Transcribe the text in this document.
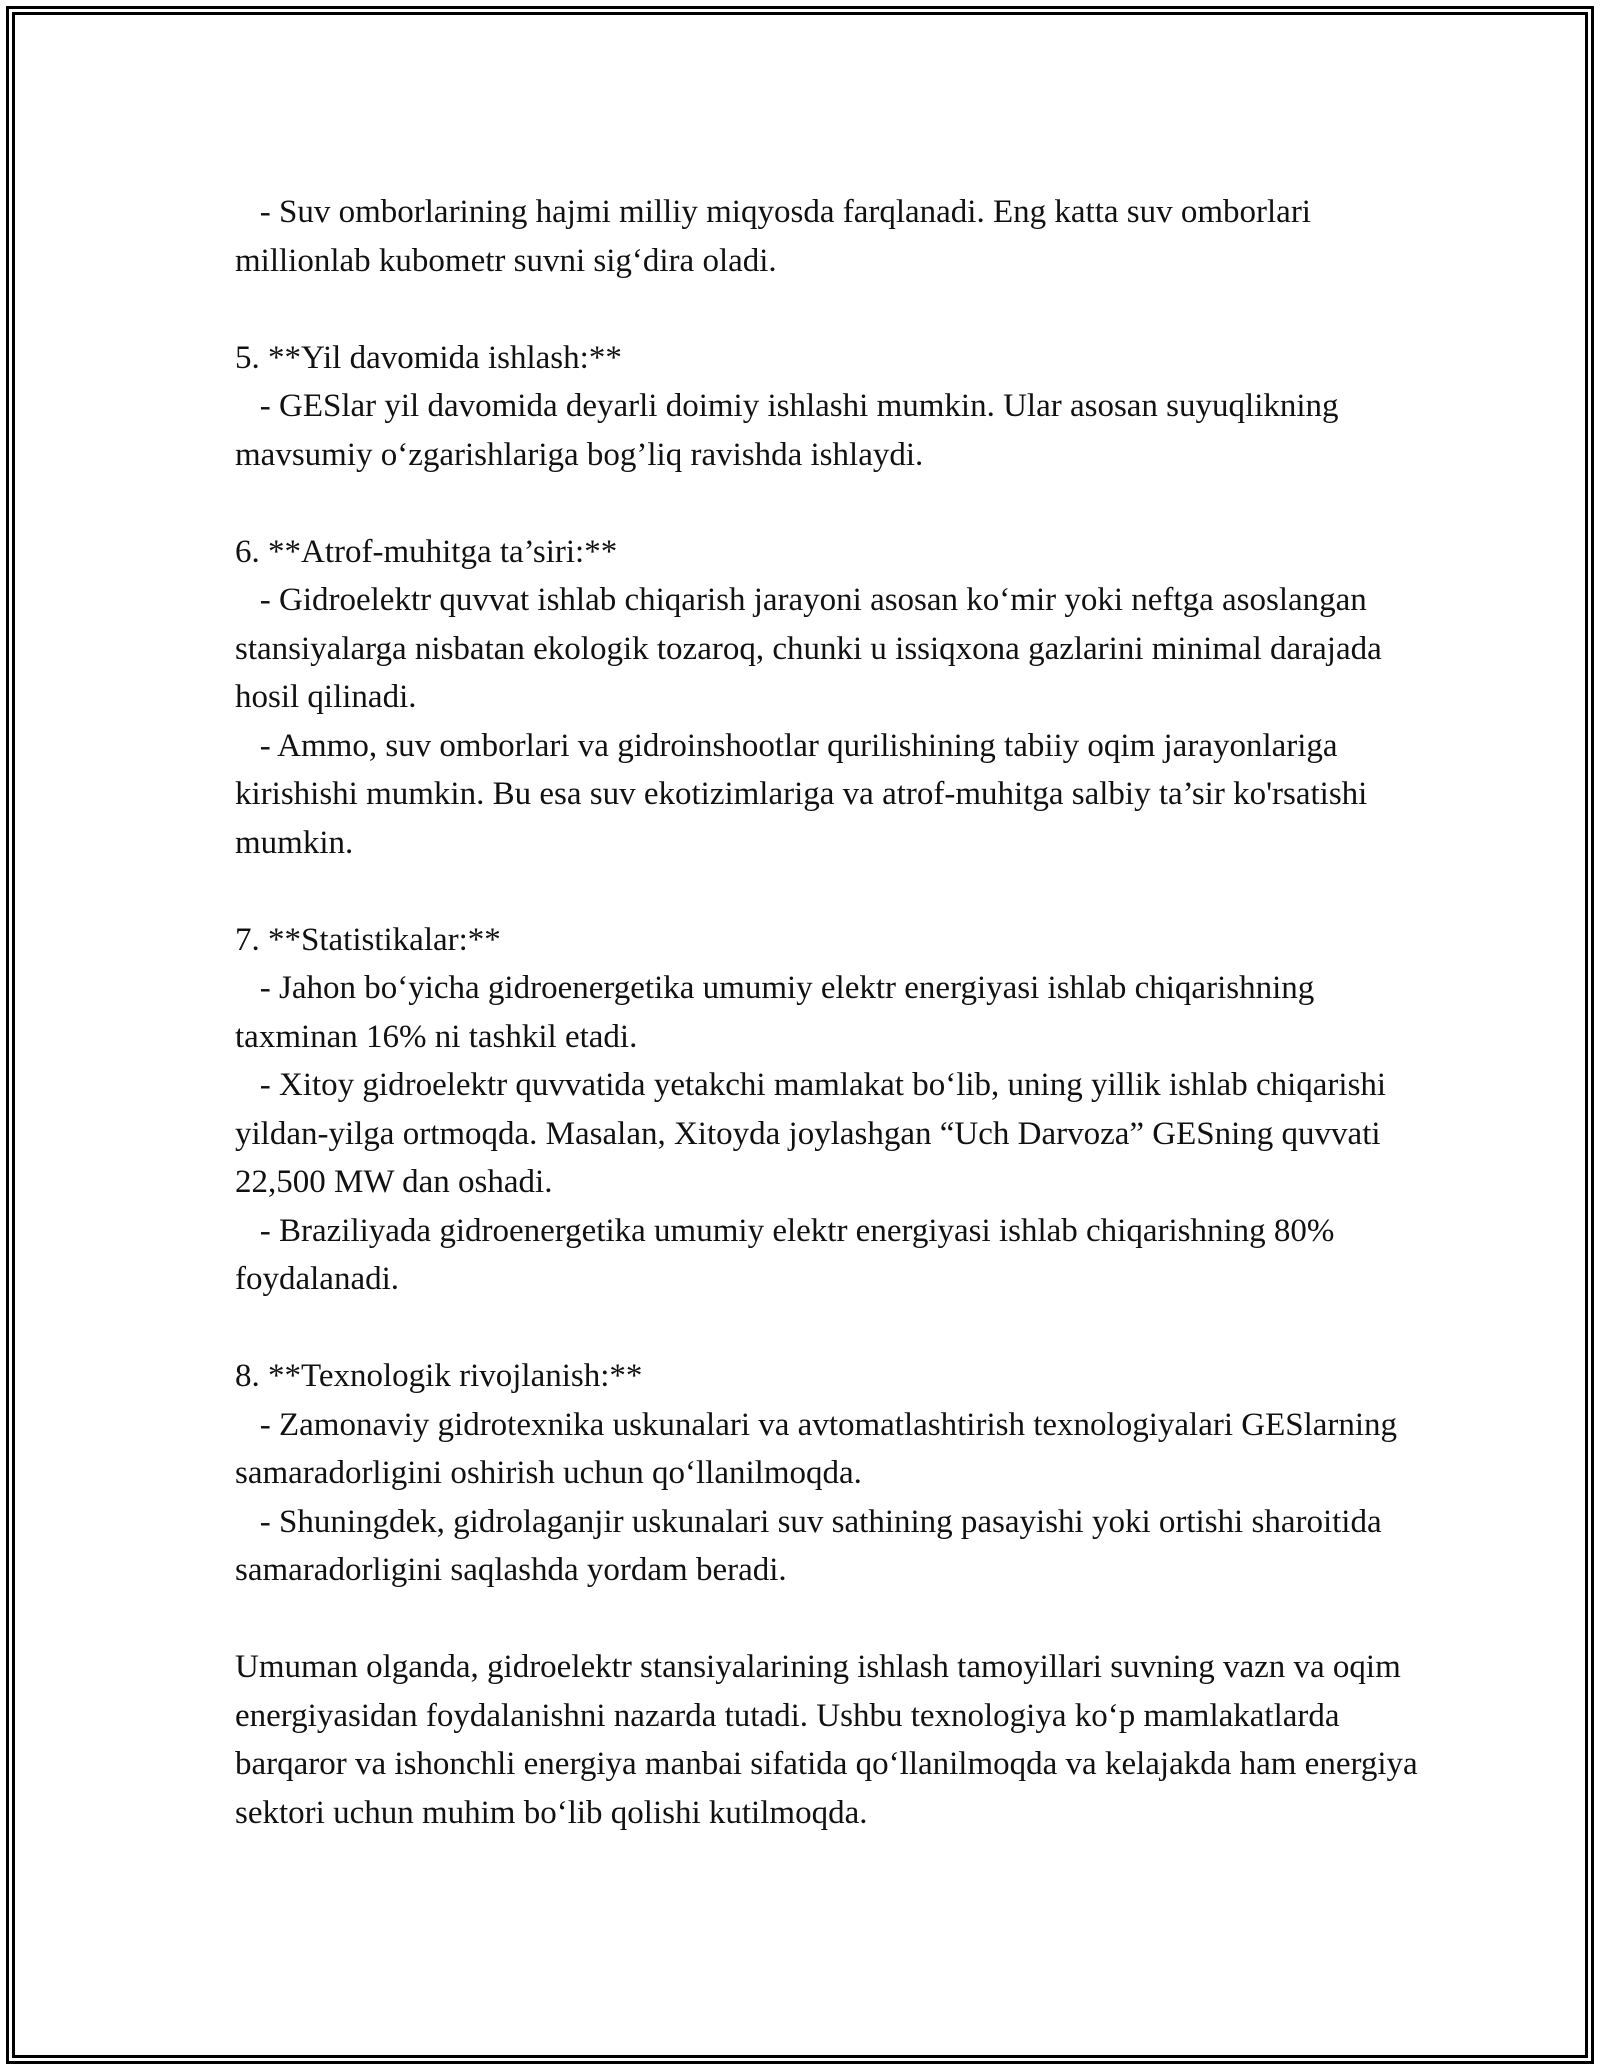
- Suv omborlarining hajmi milliy miqyosda farqlanadi. Eng katta suv omborlari millionlab kubometr suvni sig‘dira oladi.

5. **Yil davomida ishlash:**

- GESlar yil davomida deyarli doimiy ishlashi mumkin. Ular asosan suyuqlikning mavsumiy o‘zgarishlariga bog’liq ravishda ishlaydi.

6. **Atrof-muhitga ta’siri:**

- Gidroelektr quvvat ishlab chiqarish jarayoni asosan ko‘mir yoki neftga asoslangan stansiyalarga nisbatan ekologik tozaroq, chunki u issiqxona gazlarini minimal darajada hosil qilinadi.

- Ammo, suv omborlari va gidroinshootlar qurilishining tabiiy oqim jarayonlariga kirishishi mumkin. Bu esa suv ekotizimlariga va atrof-muhitga salbiy ta’sir ko'rsatishi mumkin.

7. **Statistikalar:**

- Jahon bo‘yicha gidroenergetika umumiy elektr energiyasi ishlab chiqarishning taxminan 16% ni tashkil etadi.

- Xitoy gidroelektr quvvatida yetakchi mamlakat bo‘lib, uning yillik ishlab chiqarishi yildan-yilga ortmoqda. Masalan, Xitoyda joylashgan “Uch Darvoza” GESning quvvati 22,500 MW dan oshadi.

- Braziliyada gidroenergetika umumiy elektr energiyasi ishlab chiqarishning 80% foydalanadi.

8. **Texnologik rivojlanish:**

- Zamonaviy gidrotexnika uskunalari va avtomatlashtirish texnologiyalari GESlarning samaradorligini oshirish uchun qo‘llanilmoqda.

- Shuningdek, gidrolaganjir uskunalari suv sathining pasayishi yoki ortishi sharoitida samaradorligini saqlashda yordam beradi.

Umuman olganda, gidroelektr stansiyalarining ishlash tamoyillari suvning vazn va oqim energiyasidan foydalanishni nazarda tutadi. Ushbu texnologiya ko‘p mamlakatlarda barqaror va ishonchli energiya manbai sifatida qo‘llanilmoqda va kelajakda ham energiya sektori uchun muhim bo‘lib qolishi kutilmoqda.
